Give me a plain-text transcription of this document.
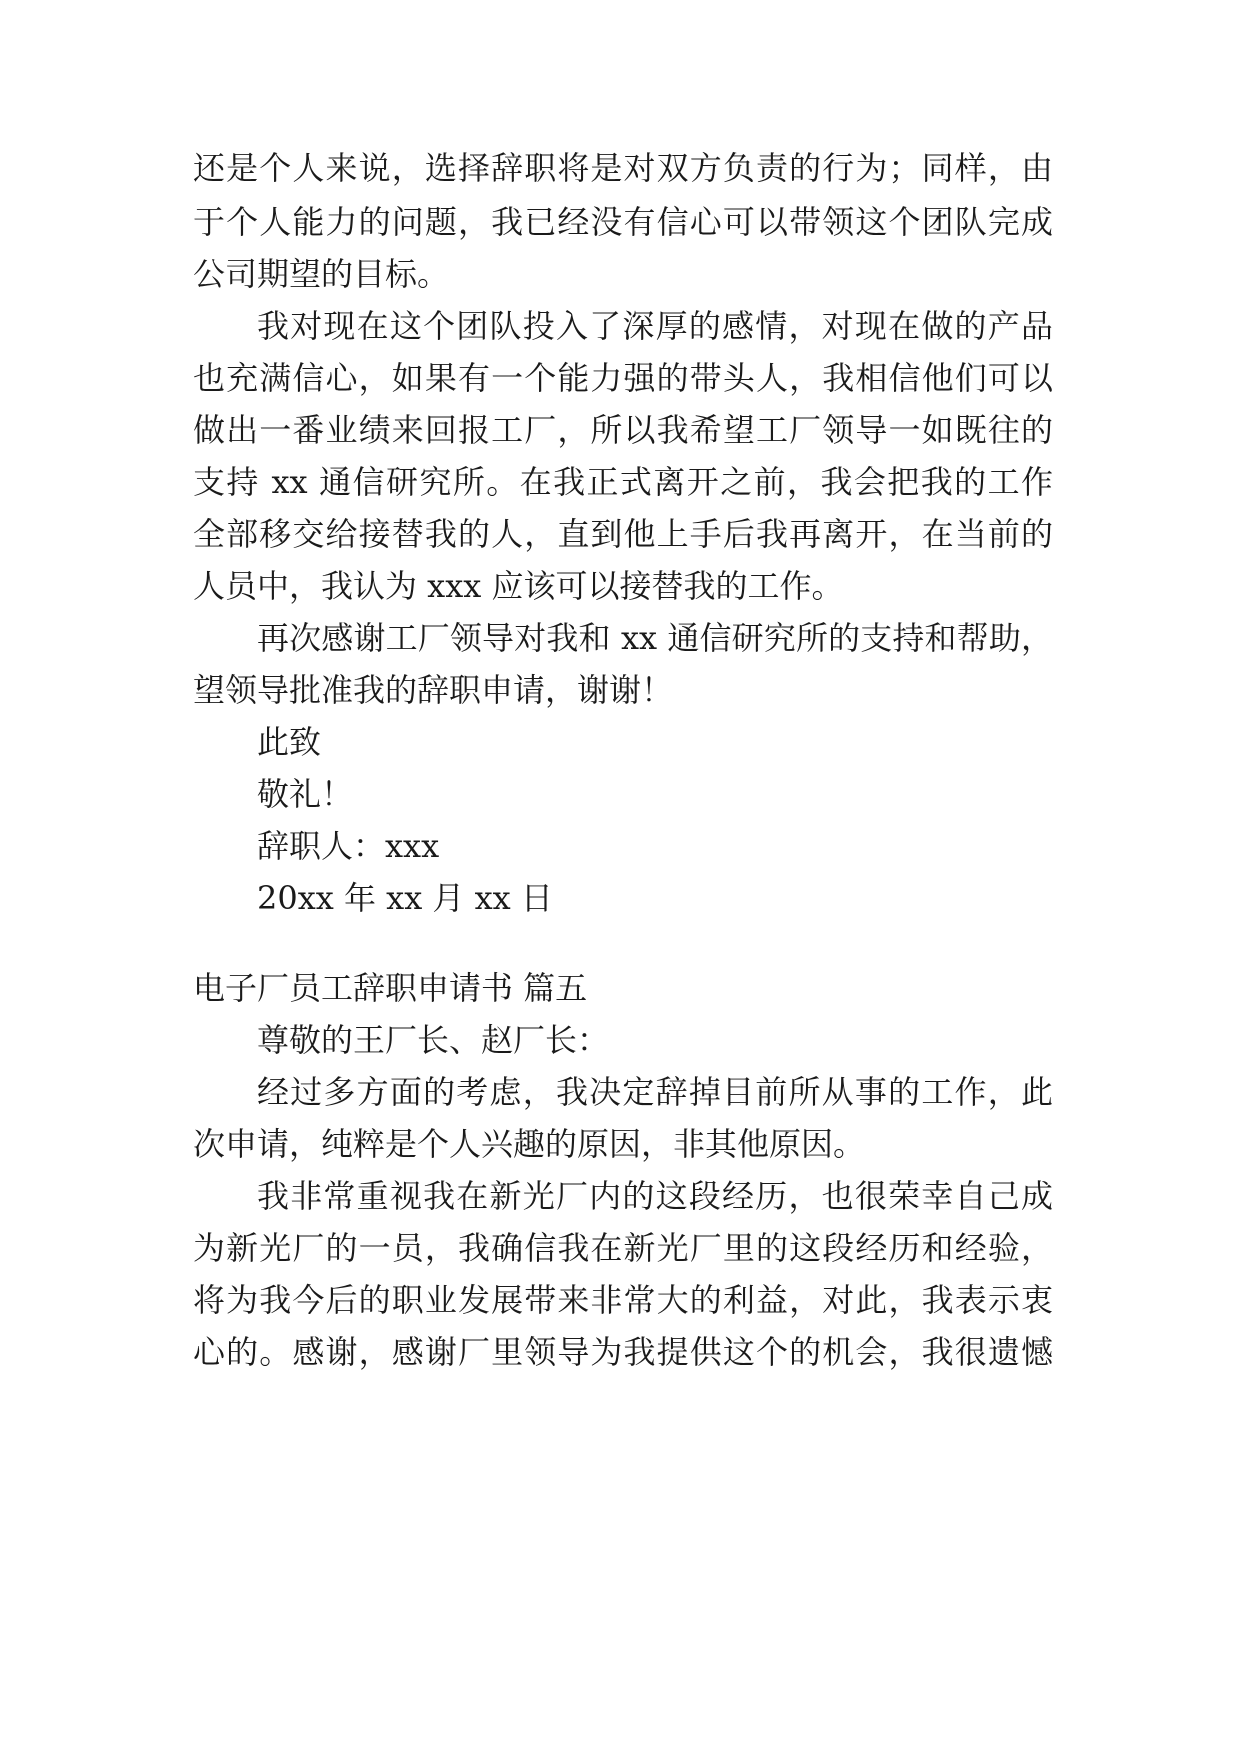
还是个人来说，选择辞职将是对双方负责的行为；同样，由
于个人能力的问题，我已经没有信心可以带领这个团队完成
公司期望的目标。
我对现在这个团队投入了深厚的感情，对现在做的产品
也充满信心，如果有一个能力强的带头人，我相信他们可以
做出一番业绩来回报工厂，所以我希望工厂领导一如既往的
支持 xx 通信研究所。在我正式离开之前，我会把我的工作
全部移交给接替我的人，直到他上手后我再离开，在当前的
人员中，我认为 xxx 应该可以接替我的工作。
再次感谢工厂领导对我和 xx 通信研究所的支持和帮助，
望领导批准我的辞职申请，谢谢！
此致
敬礼！
辞职人：xxx
20xx 年 xx 月 xx 日
电子厂员工辞职申请书 篇五
尊敬的王厂长、赵厂长：
经过多方面的考虑，我决定辞掉目前所从事的工作，此
次申请，纯粹是个人兴趣的原因，非其他原因。
我非常重视我在新光厂内的这段经历，也很荣幸自己成
为新光厂的一员，我确信我在新光厂里的这段经历和经验，
将为我今后的职业发展带来非常大的利益，对此，我表示衷
心的。感谢，感谢厂里领导为我提供这个的机会，我很遗憾
